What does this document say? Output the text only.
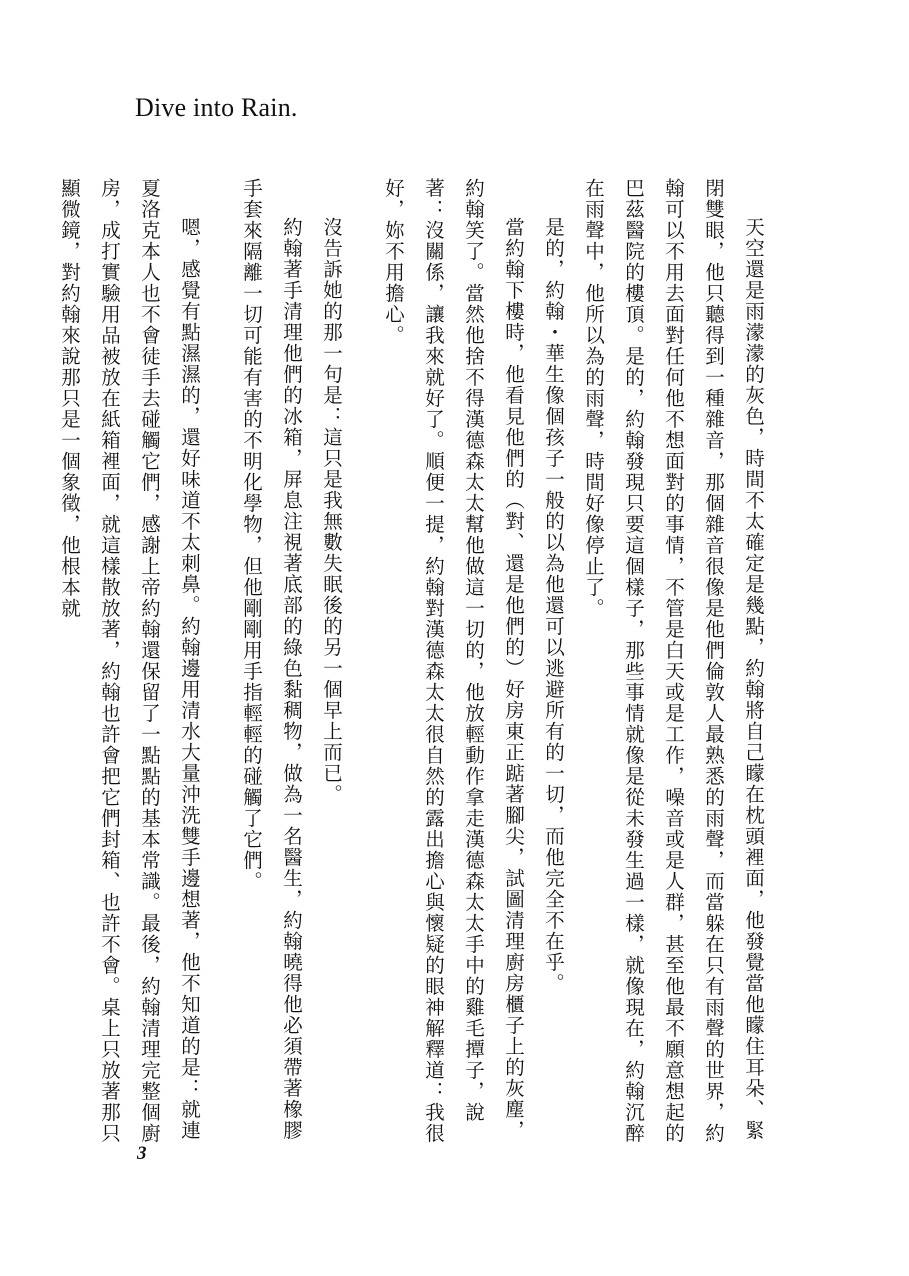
Dive into Rain.

天空還是雨濛濛的灰色，時間不太確定是幾點，約翰將自己矇在枕頭裡面，他發覺當他矇住耳朵、緊閉雙眼，他只聽得到一種雜音，那個雜音很像是他們倫敦人最熟悉的雨聲，而當躲在只有雨聲的世界，約翰可以不用去面對任何他不想面對的事情，不管是白天或是工作，噪音或是人群，甚至他最不願意想起的巴茲醫院的樓頂。是的，約翰發現只要這個樣子，那些事情就像是從未發生過一樣，就像現在，約翰沉醉在雨聲中，他所以為的雨聲，時間好像停止了。

是的，約翰・華生像個孩子一般的以為他還可以逃避所有的一切，而他完全不在乎。

當約翰下樓時，他看見他們的（對、還是他們的）好房東正踮著腳尖，試圖清理廚房櫃子上的灰塵，約翰笑了。當然他捨不得漢德森太太幫他做這一切的，他放輕動作拿走漢德森太太手中的雞毛撢子，說著：沒關係，讓我來就好了。順便一提，約翰對漢德森太太很自然的露出擔心與懷疑的眼神解釋道：我很好，妳不用擔心。

沒告訴她的那一句是：這只是我無數失眠後的另一個早上而已。

約翰著手清理他們的冰箱，屏息注視著底部的綠色黏稠物，做為一名醫生，約翰曉得他必須帶著橡膠手套來隔離一切可能有害的不明化學物，但他剛剛用手指輕輕的碰觸了它們。

嗯，感覺有點濕濕的，還好味道不太刺鼻。約翰邊用清水大量沖洗雙手邊想著，他不知道的是：就連夏洛克本人也不會徒手去碰觸它們，感謝上帝約翰還保留了一點點的基本常識。最後，約翰清理完整個廚房，成打實驗用品被放在紙箱裡面，就這樣散放著，約翰也許會把它們封箱、也許不會。桌上只放著那只顯微鏡，對約翰來說那只是一個象徵，他根本就

3
